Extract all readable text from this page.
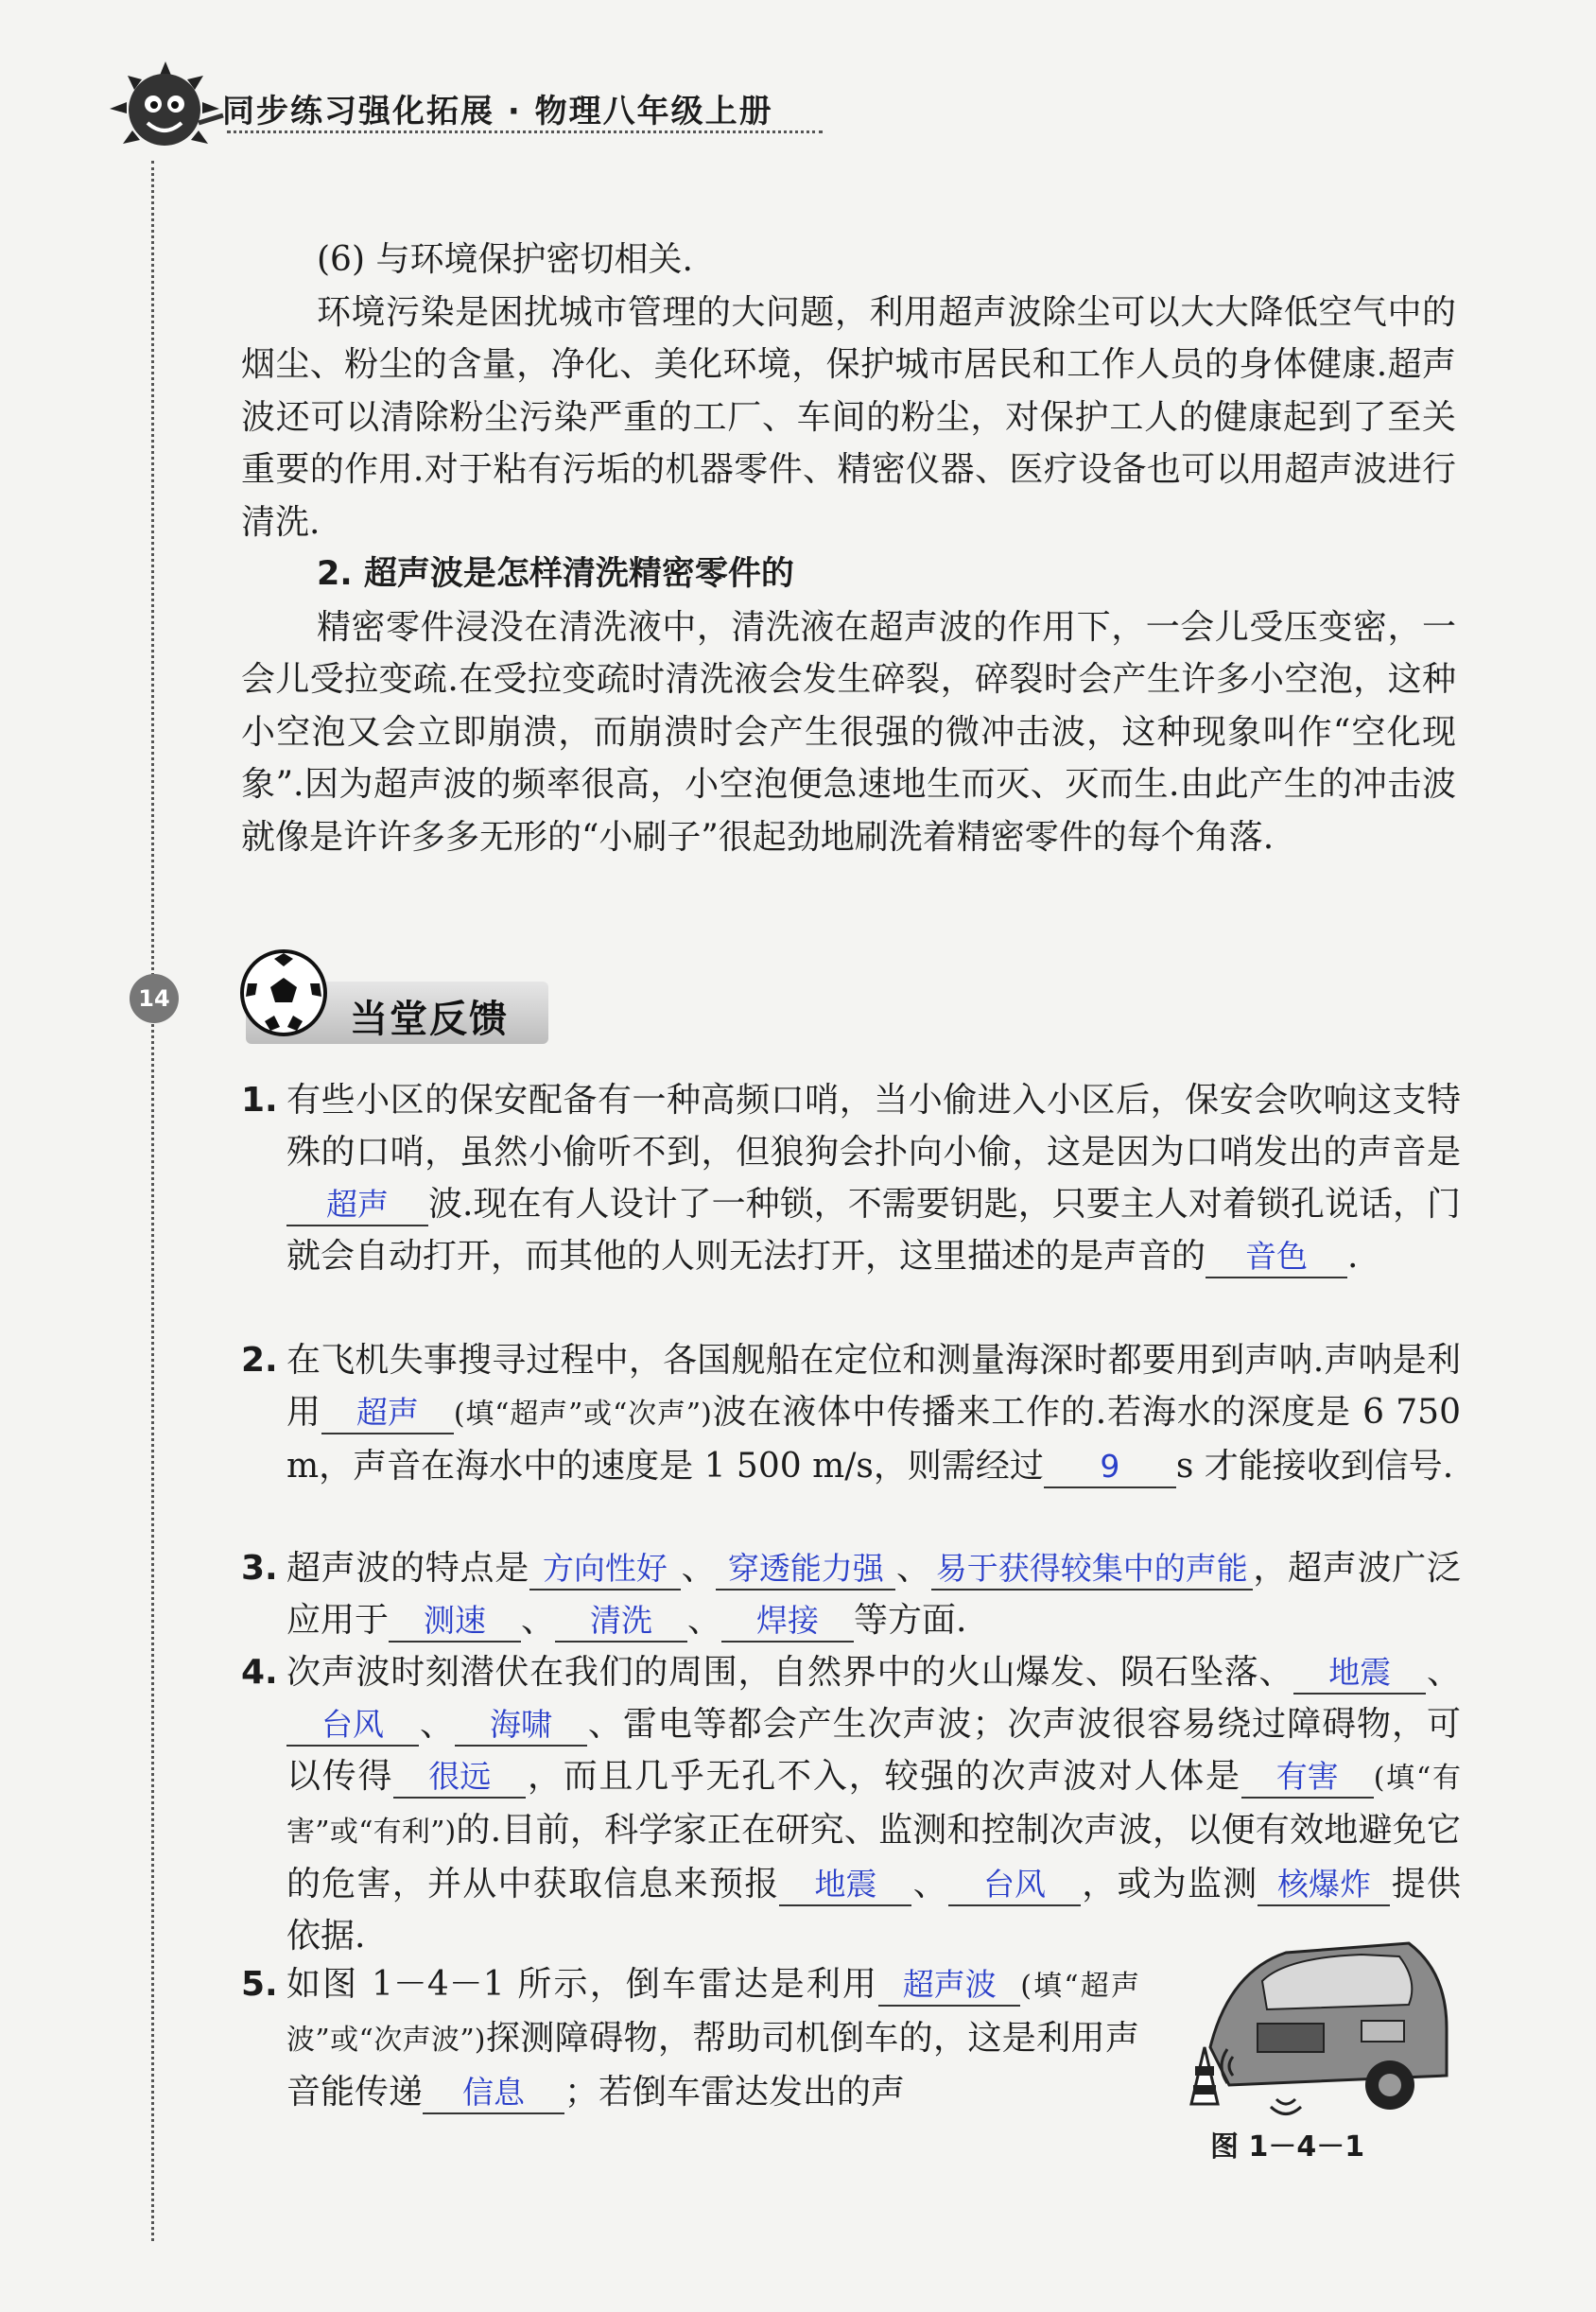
同步练习强化拓展 · 物理八年级上册
14

(6) 与环境保护密切相关.

环境污染是困扰城市管理的大问题，利用超声波除尘可以大大降低空气中的烟尘、粉尘的含量，净化、美化环境，保护城市居民和工作人员的身体健康.超声波还可以清除粉尘污染严重的工厂、车间的粉尘，对保护工人的健康起到了至关重要的作用.对于粘有污垢的机器零件、精密仪器、医疗设备也可以用超声波进行清洗.

2. 超声波是怎样清洗精密零件的

精密零件浸没在清洗液中，清洗液在超声波的作用下，一会儿受压变密，一会儿受拉变疏.在受拉变疏时清洗液会发生碎裂，碎裂时会产生许多小空泡，这种小空泡又会立即崩溃，而崩溃时会产生很强的微冲击波，这种现象叫作“空化现象”.因为超声波的频率很高，小空泡便急速地生而灭、灭而生.由此产生的冲击波就像是许许多多无形的“小刷子”很起劲地刷洗着精密零件的每个角落.

当堂反馈
1. 有些小区的保安配备有一种高频口哨，当小偷进入小区后，保安会吹响这支特殊的口哨，虽然小偷听不到，但狼狗会扑向小偷，这是因为口哨发出的声音是超声 波.现在有人设计了一种锁，不需要钥匙，只要主人对着锁孔说话，门就会自动打开，而其他的人则无法打开，这里描述的是声音的 音色 .
2. 在飞机失事搜寻过程中，各国舰船在定位和测量海深时都要用到声呐.声呐是利用 超声 (填“超声”或“次声”)波在液体中传播来工作的.若海水的深度是 6 750 m，声音在海水中的速度是 1 500 m/s，则需经过 9 s 才能接收到信号.
3. 超声波的特点是 方向性好 、 穿透能力强 、 易于获得较集中的声能 ，超声波广泛应用于 测速 、 清洗 、 焊接 等方面.
4. 次声波时刻潜伏在我们的周围，自然界中的火山爆发、陨石坠落、 地震 、台风 、 海啸 、雷电等都会产生次声波；次声波很容易绕过障碍物，可以传得 很远 ，而且几乎无孔不入，较强的次声波对人体是 有害 (填“有害”或“有利”)的.目前，科学家正在研究、监测和控制次声波，以便有效地避免它的危害，并从中获取信息来预报 地震 、 台风 ，或为监测 核爆炸 提供依据.
5. 如图 1－4－1 所示，倒车雷达是利用 超声波 (填“超声波”或“次声波”)探测障碍物，帮助司机倒车的，这是利用声音能传递 信息 ；若倒车雷达发出的声
图 1－4－1
